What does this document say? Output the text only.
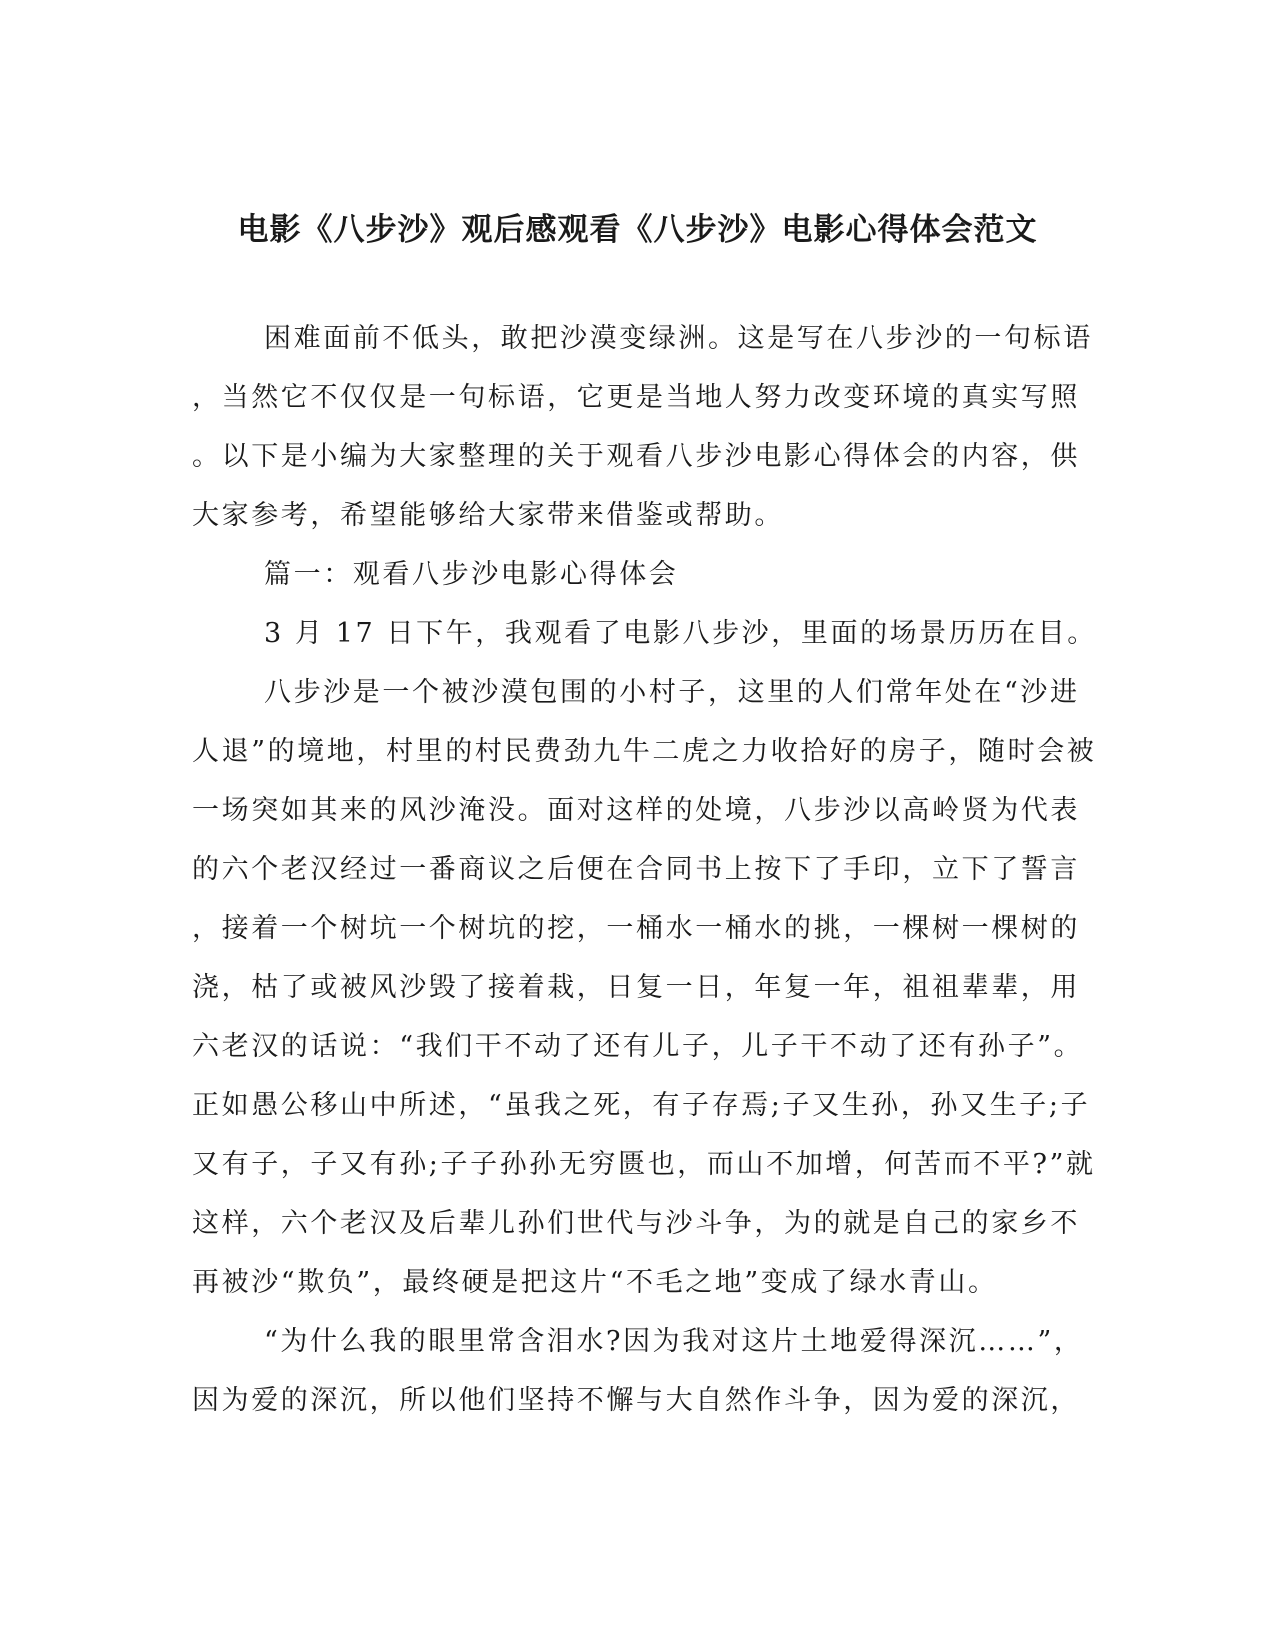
电影《八步沙》观后感观看《八步沙》电影心得体会范文

困难面前不低头，敢把沙漠变绿洲。这是写在八步沙的一句标语

，当然它不仅仅是一句标语，它更是当地人努力改变环境的真实写照

。以下是小编为大家整理的关于观看八步沙电影心得体会的内容，供

大家参考，希望能够给大家带来借鉴或帮助。

篇一：观看八步沙电影心得体会

3 月 17 日下午，我观看了电影八步沙，里面的场景历历在目。

八步沙是一个被沙漠包围的小村子，这里的人们常年处在“沙进

人退”的境地，村里的村民费劲九牛二虎之力收拾好的房子，随时会被

一场突如其来的风沙淹没。面对这样的处境，八步沙以高岭贤为代表

的六个老汉经过一番商议之后便在合同书上按下了手印，立下了誓言

，接着一个树坑一个树坑的挖，一桶水一桶水的挑，一棵树一棵树的

浇，枯了或被风沙毁了接着栽，日复一日，年复一年，祖祖辈辈，用

六老汉的话说：“我们干不动了还有儿子，儿子干不动了还有孙子”。

正如愚公移山中所述，“虽我之死，有子存焉;子又生孙，孙又生子;子

又有子，子又有孙;子子孙孙无穷匮也，而山不加增，何苦而不平?”就

这样，六个老汉及后辈儿孙们世代与沙斗争，为的就是自己的家乡不

再被沙“欺负”，最终硬是把这片“不毛之地”变成了绿水青山。

“为什么我的眼里常含泪水?因为我对这片土地爱得深沉……”，

因为爱的深沉，所以他们坚持不懈与大自然作斗争，因为爱的深沉，
